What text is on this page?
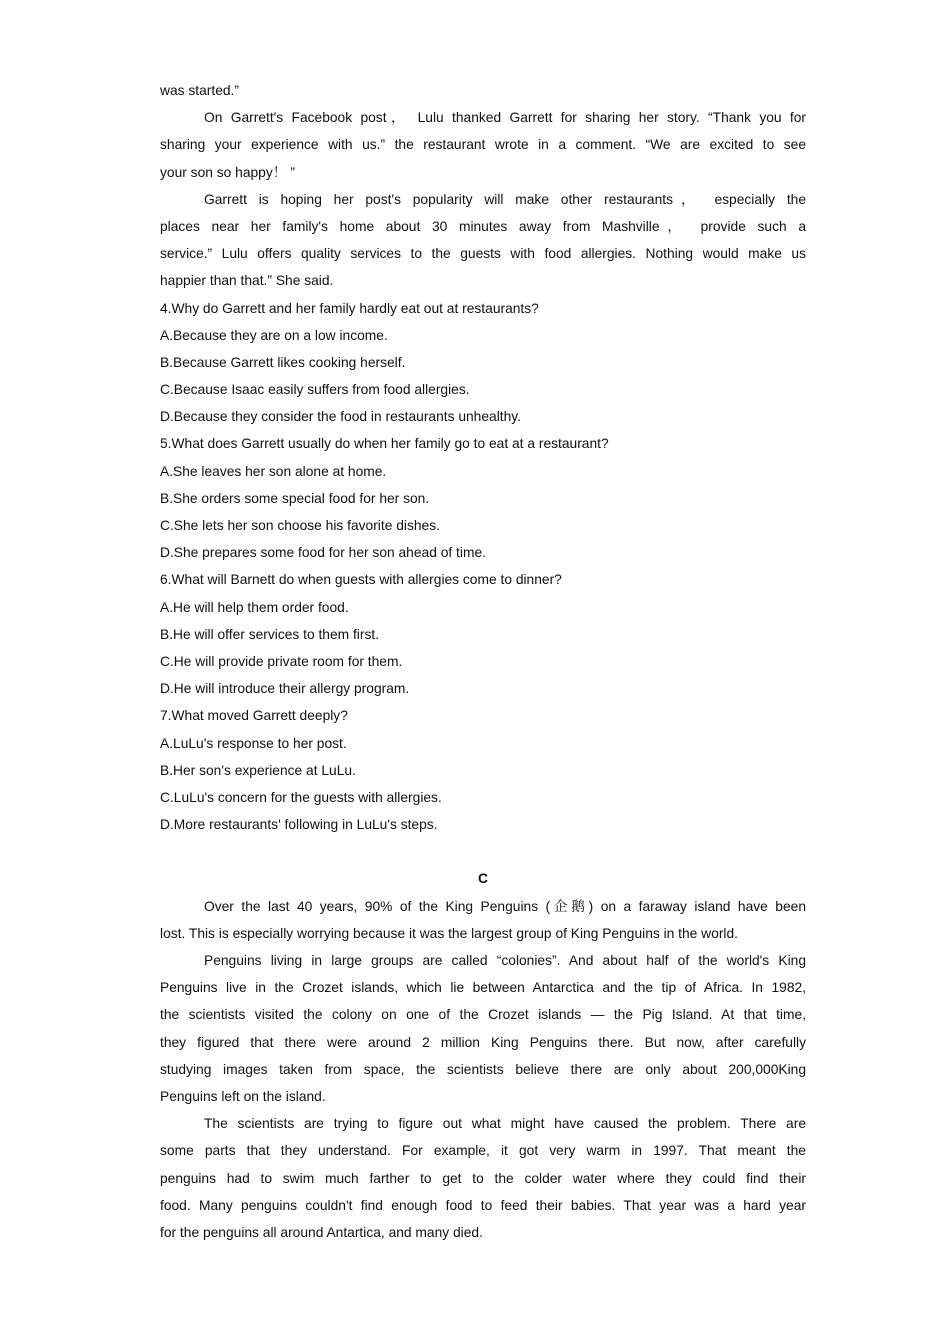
was started.”
On Garrett's Facebook post， Lulu thanked Garrett for sharing her story. “Thank you for
sharing your experience with us.” the restaurant wrote in a comment. “We are excited to see
your son so happy！ ”
Garrett is hoping her post's popularity will make other restaurants， especially the
places near her family's home about 30 minutes away from Mashville， provide such a
service.” Lulu offers quality services to the guests with food allergies. Nothing would make us
happier than that.” She said.
4.Why do Garrett and her family hardly eat out at restaurants?
A.Because they are on a low income.
B.Because Garrett likes cooking herself.
C.Because Isaac easily suffers from food allergies.
D.Because they consider the food in restaurants unhealthy.
5.What does Garrett usually do when her family go to eat at a restaurant?
A.She leaves her son alone at home.
B.She orders some special food for her son.
C.She lets her son choose his favorite dishes.
D.She prepares some food for her son ahead of time.
6.What will Barnett do when guests with allergies come to dinner?
A.He will help them order food.
B.He will offer services to them first.
C.He will provide private room for them.
D.He will introduce their allergy program.
7.What moved Garrett deeply?
A.LuLu's response to her post.
B.Her son's experience at LuLu.
C.LuLu's concern for the guests with allergies.
D.More restaurants' following in LuLu's steps.
C
Over the last 40 years, 90% of the King Penguins (企鹅) on a faraway island have been
lost. This is especially worrying because it was the largest group of King Penguins in the world.
Penguins living in large groups are called “colonies”. And about half of the world's King
Penguins live in the Crozet islands, which lie between Antarctica and the tip of Africa. In 1982,
the scientists visited the colony on one of the Crozet islands — the Pig Island. At that time,
they figured that there were around 2 million King Penguins there. But now, after carefully
studying images taken from space, the scientists believe there are only about 200,000King
Penguins left on the island.
The scientists are trying to figure out what might have caused the problem. There are
some parts that they understand. For example, it got very warm in 1997. That meant the
penguins had to swim much farther to get to the colder water where they could find their
food. Many penguins couldn't find enough food to feed their babies. That year was a hard year
for the penguins all around Antartica, and many died.
